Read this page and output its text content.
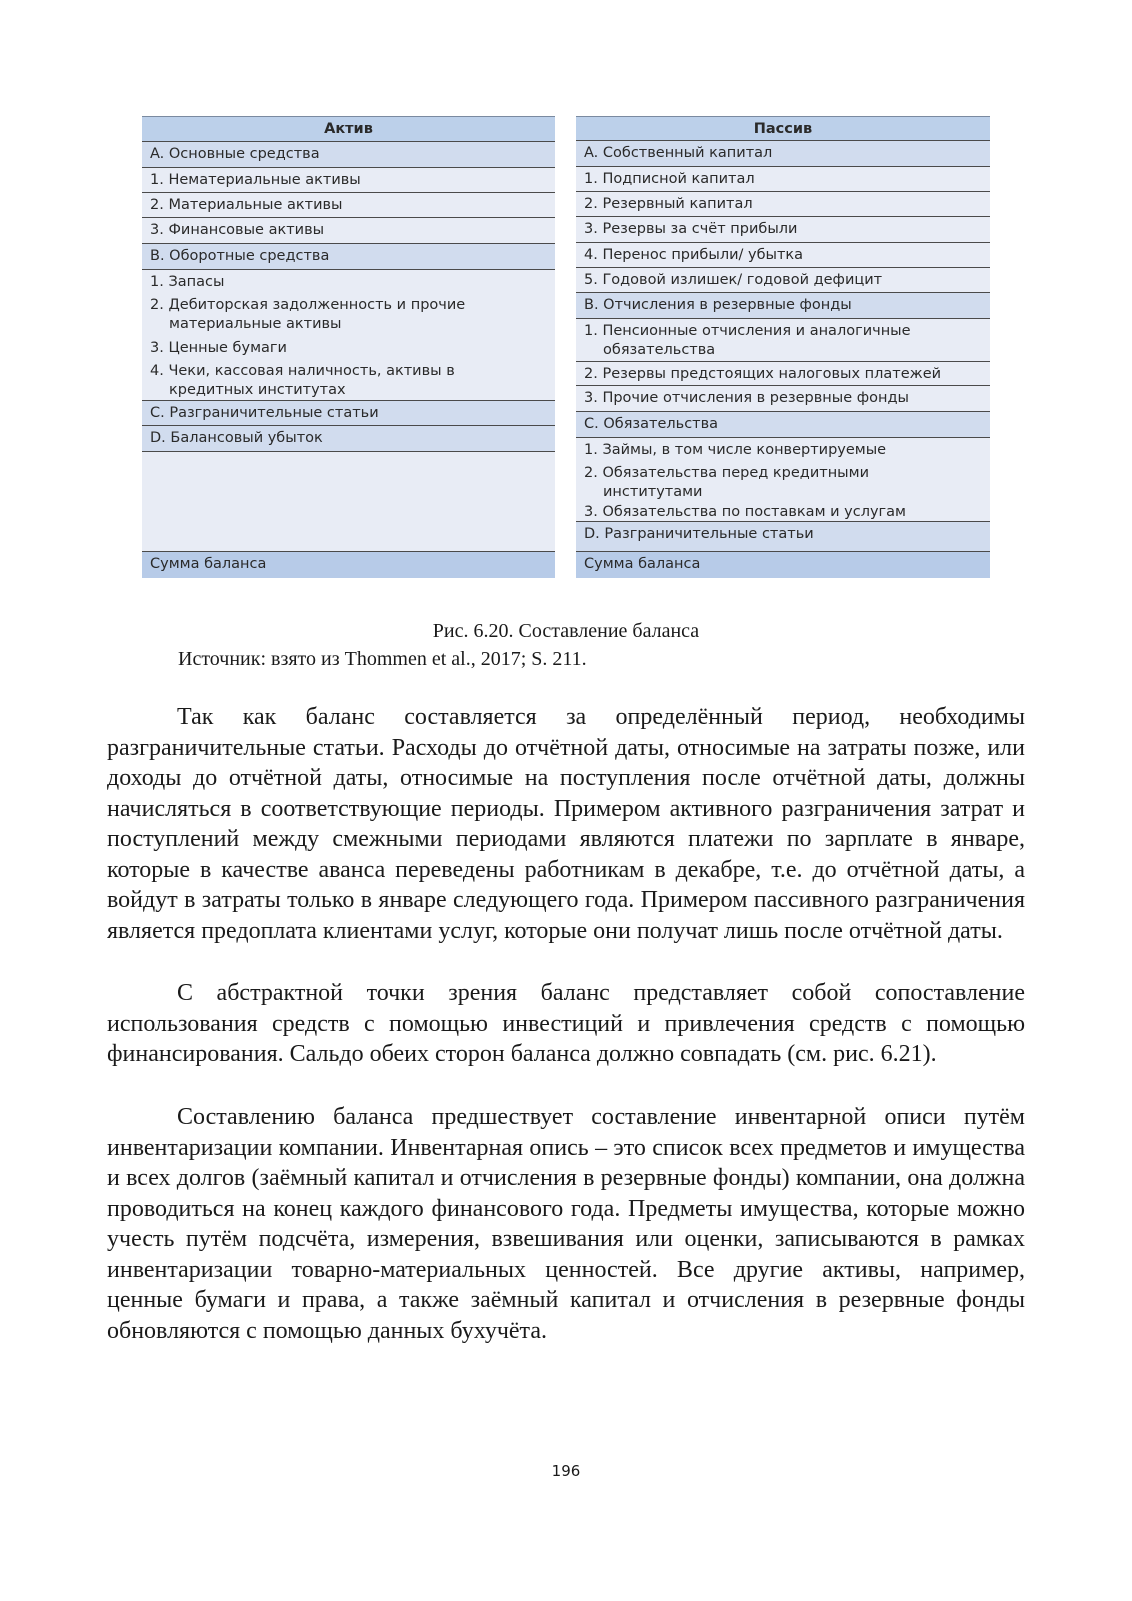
Актив
A. Основные средства
1. Нематериальные активы
2. Материальные активы
3. Финансовые активы
B. Оборотные средства
1. Запасы
2. Дебиторская задолженность и прочие материальные активы
3. Ценные бумаги
4. Чеки, кассовая наличность, активы в кредитных институтах
C. Разграничительные статьи
D. Балансовый убыток
Сумма баланса
Пассив
A. Собственный капитал
1. Подписной капитал
2. Резервный капитал
3. Резервы за счёт прибыли
4. Перенос прибыли/ убытка
5. Годовой излишек/ годовой дефицит
B. Отчисления в резервные фонды
1. Пенсионные отчисления и аналогичные обязательства
2. Резервы предстоящих налоговых платежей
3. Прочие отчисления в резервные фонды
C. Обязательства
1. Займы, в том числе конвертируемые
2. Обязательства перед кредитными институтами
3. Обязательства по поставкам и услугам
D. Разграничительные статьи
Сумма баланса
Рис. 6.20. Составление баланса
Источник: взято из Thommen et al., 2017; S. 211.

Так как баланс составляется за определённый период, необходимы разграничительные статьи. Расходы до отчётной даты, относимые на затраты позже, или доходы до отчётной даты, относимые на поступления после отчётной даты, должны начисляться в соответствующие периоды. Примером активного разграничения затрат и поступлений между смежными периодами являются платежи по зарплате в январе, которые в качестве аванса переведены работникам в декабре, т.е. до отчётной даты, а войдут в затраты только в январе следующего года. Примером пассивного разграничения является предоплата клиентами услуг, которые они получат лишь после отчётной даты.

С абстрактной точки зрения баланс представляет собой сопоставление использования средств с помощью инвестиций и привлечения средств с помощью финансирования. Сальдо обеих сторон баланса должно совпадать (см. рис. 6.21).

Составлению баланса предшествует составление инвентарной описи путём инвентаризации компании. Инвентарная опись – это список всех предметов и имущества и всех долгов (заёмный капитал и отчисления в резервные фонды) компании, она должна проводиться на конец каждого финансового года. Предметы имущества, которые можно учесть путём подсчёта, измерения, взвешивания или оценки, записываются в рамках инвентаризации товарно-материальных ценностей. Все другие активы, например, ценные бумаги и права, а также заёмный капитал и отчисления в резервные фонды обновляются с помощью данных бухучёта.

196
